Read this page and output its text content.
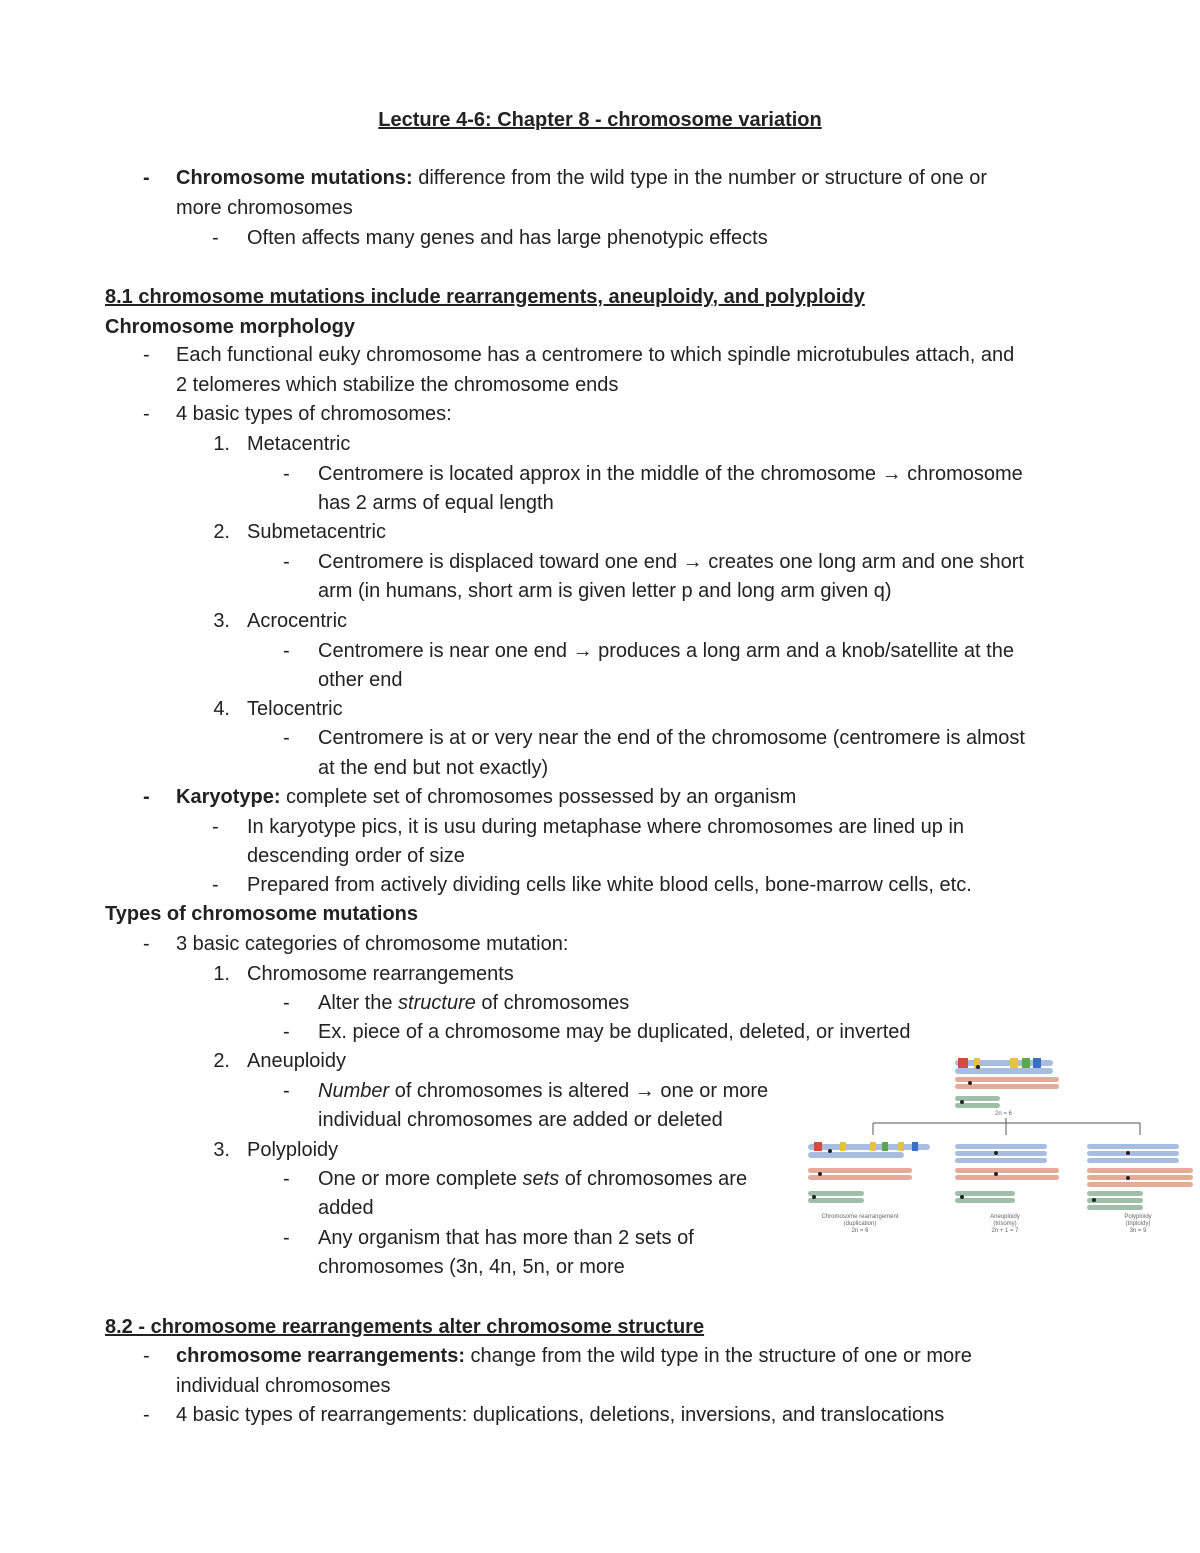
Lecture 4-6: Chapter 8 - chromosome variation
- Chromosome mutations: difference from the wild type in the number or structure of one or
more chromosomes
- Often affects many genes and has large phenotypic effects
8.1 chromosome mutations include rearrangements, aneuploidy, and polyploidy
Chromosome morphology
- Each functional euky chromosome has a centromere to which spindle microtubules attach, and
2 telomeres which stabilize the chromosome ends
- 4 basic types of chromosomes:
1. Metacentric
- Centromere is located approx in the middle of the chromosome → chromosome
has 2 arms of equal length
2. Submetacentric
- Centromere is displaced toward one end → creates one long arm and one short
arm (in humans, short arm is given letter p and long arm given q)
3. Acrocentric
- Centromere is near one end → produces a long arm and a knob/satellite at the
other end
4. Telocentric
- Centromere is at or very near the end of the chromosome (centromere is almost
at the end but not exactly)
- Karyotype: complete set of chromosomes possessed by an organism
- In karyotype pics, it is usu during metaphase where chromosomes are lined up in
descending order of size
- Prepared from actively dividing cells like white blood cells, bone-marrow cells, etc.
Types of chromosome mutations
- 3 basic categories of chromosome mutation:
1. Chromosome rearrangements
- Alter the structure of chromosomes
- Ex. piece of a chromosome may be duplicated, deleted, or inverted
2. Aneuploidy
- Number of chromosomes is altered → one or more
individual chromosomes are added or deleted
3. Polyploidy
- One or more complete sets of chromosomes are
added
- Any organism that has more than 2 sets of
chromosomes (3n, 4n, 5n, or more
2n = 6
Chromosome rearrangement
(duplication)
2n = 6
Aneuploidy
(trisomy)
2n + 1 = 7
Polyploidy
(triploidy)
3n = 9
8.2 - chromosome rearrangements alter chromosome structure
- chromosome rearrangements: change from the wild type in the structure of one or more
individual chromosomes
- 4 basic types of rearrangements: duplications, deletions, inversions, and translocations
